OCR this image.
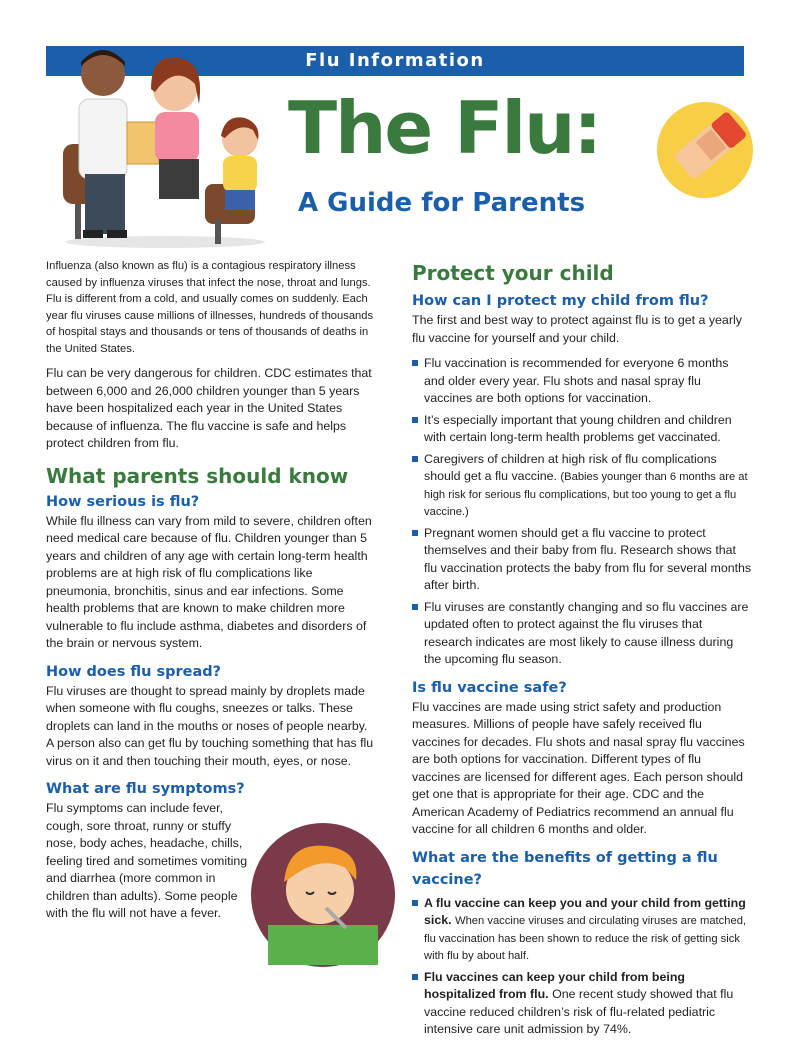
Flu Information
The Flu:
A Guide for Parents

Influenza (also known as flu) is a contagious respiratory illness caused by influenza viruses that infect the nose, throat and lungs. Flu is different from a cold, and usually comes on suddenly. Each year flu viruses cause millions of illnesses, hundreds of thousands of hospital stays and thousands or tens of thousands of deaths in the United States.

Flu can be very dangerous for children. CDC estimates that between 6,000 and 26,000 children younger than 5 years have been hospitalized each year in the United States because of influenza. The flu vaccine is safe and helps protect children from flu.

What parents should know
How serious is flu?

While flu illness can vary from mild to severe, children often need medical care because of flu. Children younger than 5 years and children of any age with certain long-term health problems are at high risk of flu complications like pneumonia, bronchitis, sinus and ear infections. Some health problems that are known to make children more vulnerable to flu include asthma, diabetes and disorders of the brain or nervous system.

How does flu spread?

Flu viruses are thought to spread mainly by droplets made when someone with flu coughs, sneezes or talks. These droplets can land in the mouths or noses of people nearby. A person also can get flu by touching something that has flu virus on it and then touching their mouth, eyes, or nose.

What are flu symptoms?

Flu symptoms can include fever, cough, sore throat, runny or stuffy nose, body aches, headache, chills, feeling tired and sometimes vomiting and diarrhea (more common in children than adults). Some people with the flu will not have a fever.

Protect your child
How can I protect my child from flu?

The first and best way to protect against flu is to get a yearly flu vaccine for yourself and your child.

Flu vaccination is recommended for everyone 6 months and older every year. Flu shots and nasal spray flu vaccines are both options for vaccination.
It’s especially important that young children and children with certain long-term health problems get vaccinated.
Caregivers of children at high risk of flu complications should get a flu vaccine. (Babies younger than 6 months are at high risk for serious flu complications, but too young to get a flu vaccine.)
Pregnant women should get a flu vaccine to protect themselves and their baby from flu. Research shows that flu vaccination protects the baby from flu for several months after birth.
Flu viruses are constantly changing and so flu vaccines are updated often to protect against the flu viruses that research indicates are most likely to cause illness during the upcoming flu season.
Is flu vaccine safe?

Flu vaccines are made using strict safety and production measures. Millions of people have safely received flu vaccines for decades. Flu shots and nasal spray flu vaccines are both options for vaccination. Different types of flu vaccines are licensed for different ages. Each person should get one that is appropriate for their age. CDC and the American Academy of Pediatrics recommend an annual flu vaccine for all children 6 months and older.

What are the benefits of getting a flu vaccine?
A flu vaccine can keep you and your child from getting sick. When vaccine viruses and circulating viruses are matched, flu vaccination has been shown to reduce the risk of getting sick with flu by about half.
Flu vaccines can keep your child from being hospitalized from flu. One recent study showed that flu vaccine reduced children’s risk of flu-related pediatric intensive care unit admission by 74%.
